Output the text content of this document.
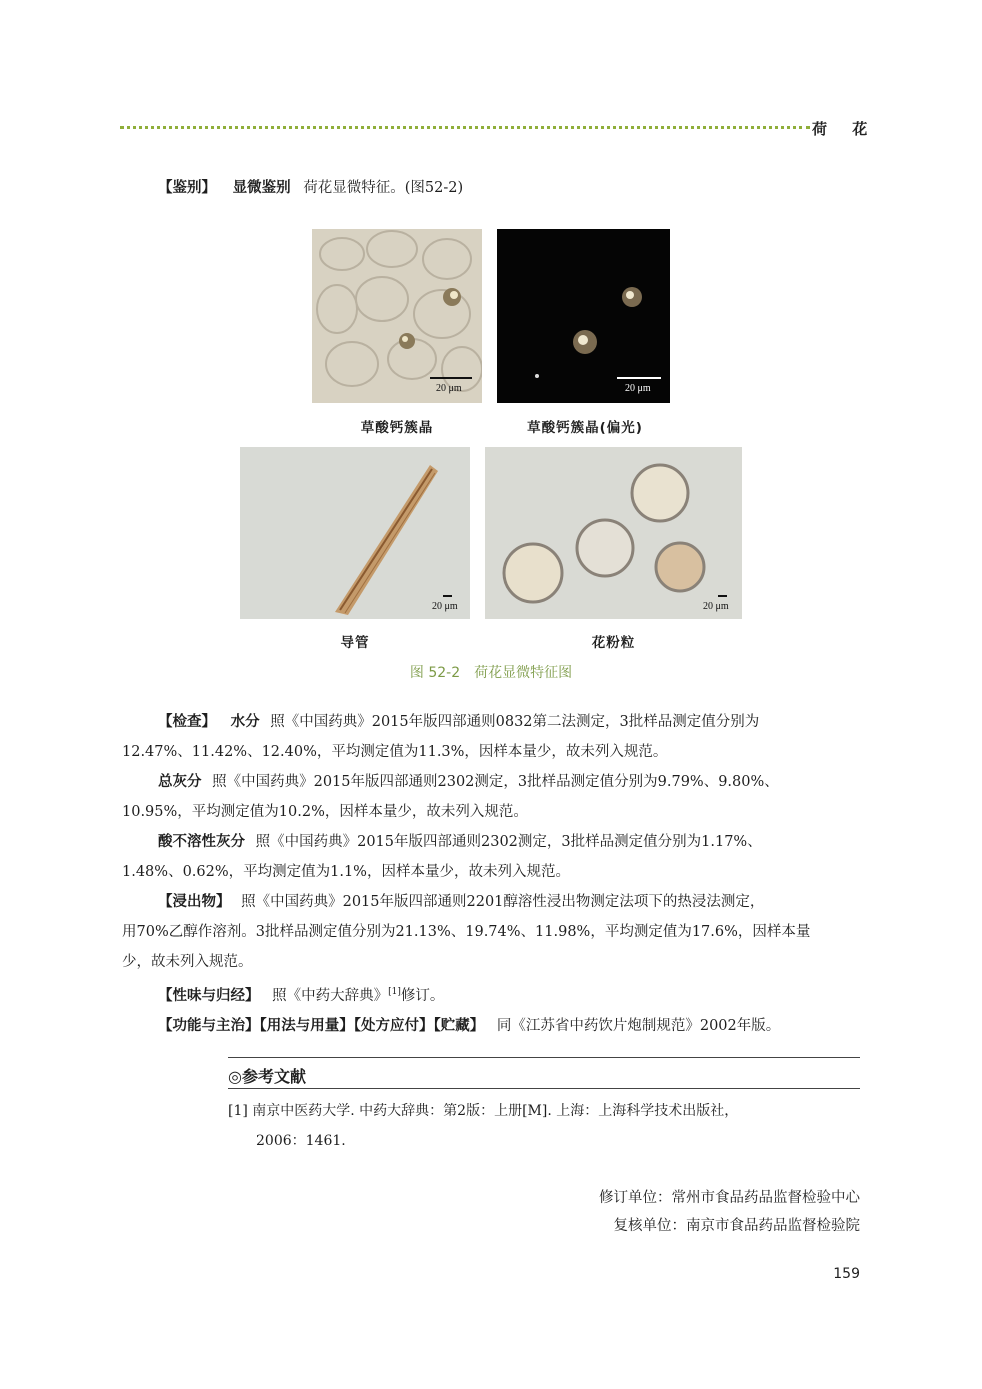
荷 花
【鉴别】 显微鉴别 荷花显微特征。(图52-2)
20 μm	20 μm
草酸钙簇晶	草酸钙簇晶(偏光)
20 μm	20 μm
导管	花粉粒
图 52-2　荷花显微特征图
【检查】 水分 照《中国药典》2015年版四部通则0832第二法测定，3批样品测定值分别为
12.47%、11.42%、12.40%，平均测定值为11.3%，因样本量少，故未列入规范。
总灰分 照《中国药典》2015年版四部通则2302测定，3批样品测定值分别为9.79%、9.80%、
10.95%，平均测定值为10.2%，因样本量少，故未列入规范。
酸不溶性灰分 照《中国药典》2015年版四部通则2302测定，3批样品测定值分别为1.17%、
1.48%、0.62%，平均测定值为1.1%，因样本量少，故未列入规范。
【浸出物】 照《中国药典》2015年版四部通则2201醇溶性浸出物测定法项下的热浸法测定，
用70%乙醇作溶剂。3批样品测定值分别为21.13%、19.74%、11.98%，平均测定值为17.6%，因样本量
少，故未列入规范。
【性味与归经】 照《中药大辞典》[1]修订。
【功能与主治】【用法与用量】【处方应付】【贮藏】 同《江苏省中药饮片炮制规范》2002年版。
◎参考文献
[1] 南京中医药大学. 中药大辞典：第2版：上册[M]. 上海：上海科学技术出版社，
2006：1461.
修订单位：常州市食品药品监督检验中心
复核单位：南京市食品药品监督检验院
159
